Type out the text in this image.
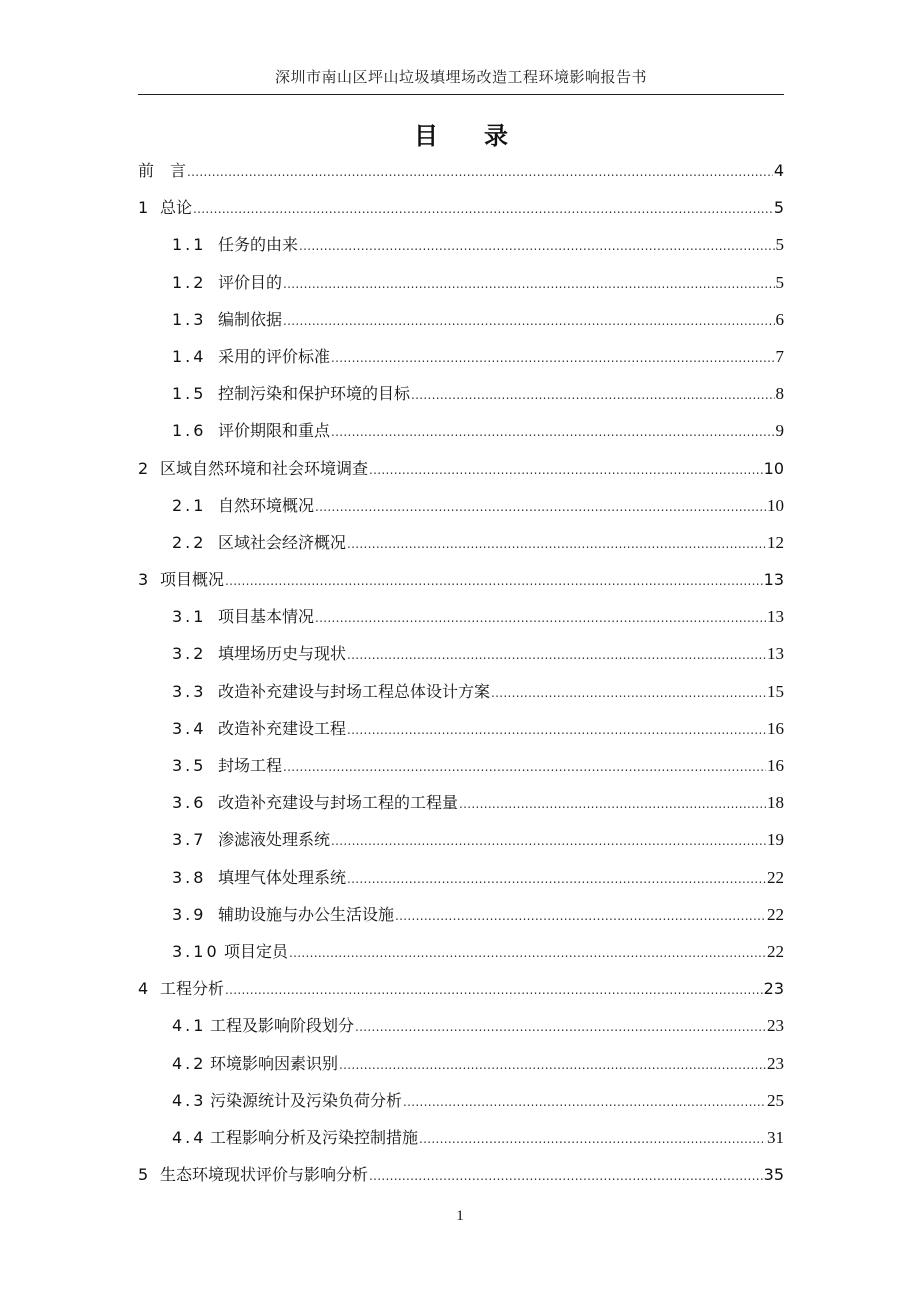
深圳市南山区坪山垃圾填埋场改造工程环境影响报告书
目 录
前　言 .....	4
1 总论 .....	5
1.1 任务的由来 .....	5
1.2 评价目的 .....	5
1.3 编制依据 .....	6
1.4 采用的评价标准 .....	7
1.5 控制污染和保护环境的目标 .....	8
1.6 评价期限和重点 .....	9
2 区域自然环境和社会环境调查 .....	10
2.1 自然环境概况 .....	10
2.2 区域社会经济概况 .....	12
3 项目概况 .....	13
3.1 项目基本情况 .....	13
3.2 填埋场历史与现状 .....	13
3.3 改造补充建设与封场工程总体设计方案 .....	15
3.4 改造补充建设工程 .....	16
3.5 封场工程 .....	16
3.6 改造补充建设与封场工程的工程量 .....	18
3.7 渗滤液处理系统 .....	19
3.8 填埋气体处理系统 .....	22
3.9 辅助设施与办公生活设施 .....	22
3.10 项目定员 .....	22
4 工程分析 .....	23
4.1 工程及影响阶段划分 .....	23
4.2 环境影响因素识别 .....	23
4.3 污染源统计及污染负荷分析 .....	25
4.4 工程影响分析及污染控制措施 .....	31
5 生态环境现状评价与影响分析 .....	35
1
